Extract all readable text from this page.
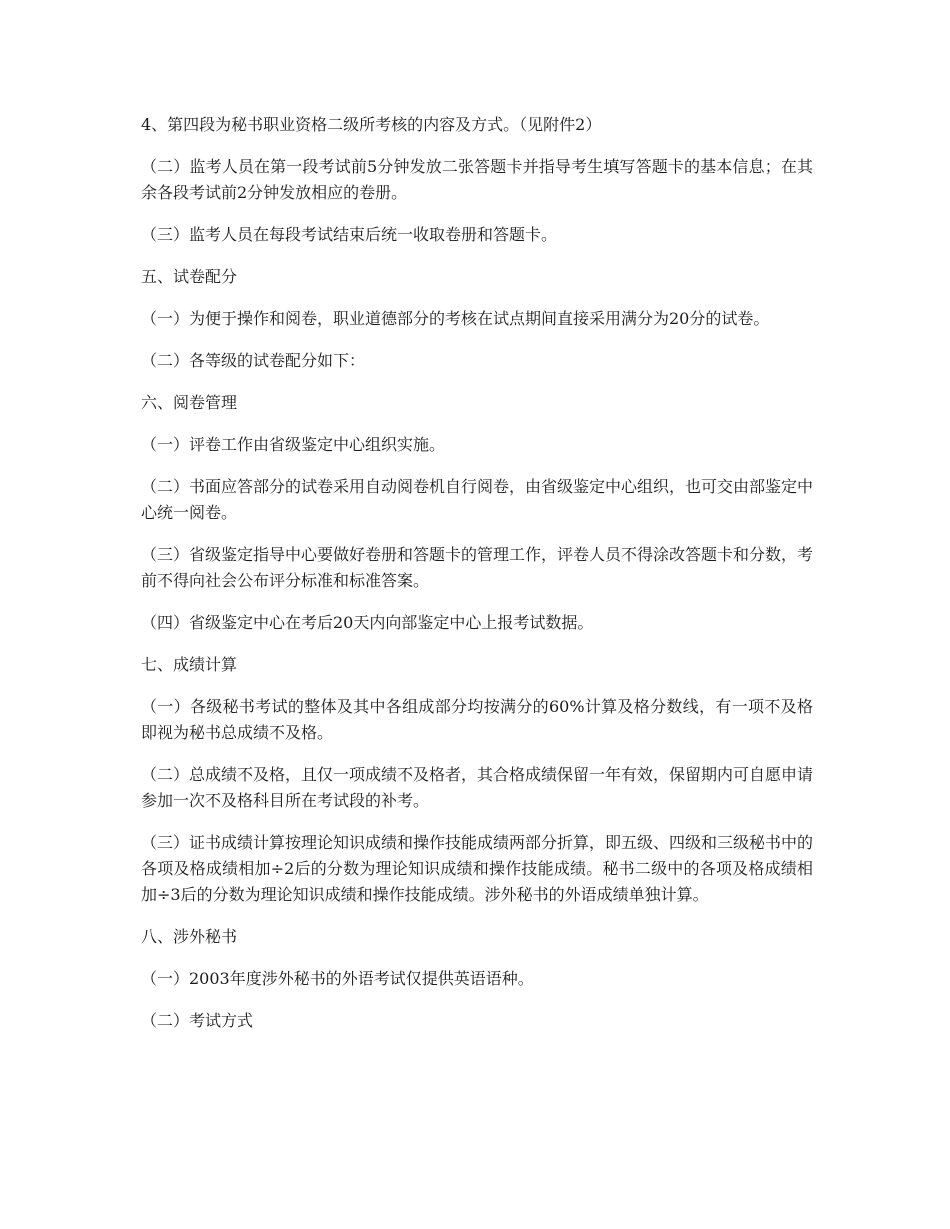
4、第四段为秘书职业资格二级所考核的内容及方式。（见附件2）

（二）监考人员在第一段考试前5分钟发放二张答题卡并指导考生填写答题卡的基本信息；在其余各段考试前2分钟发放相应的卷册。

（三）监考人员在每段考试结束后统一收取卷册和答题卡。

五、试卷配分

（一）为便于操作和阅卷，职业道德部分的考核在试点期间直接采用满分为20分的试卷。

（二）各等级的试卷配分如下：

六、阅卷管理

（一）评卷工作由省级鉴定中心组织实施。

（二）书面应答部分的试卷采用自动阅卷机自行阅卷，由省级鉴定中心组织，也可交由部鉴定中心统一阅卷。

（三）省级鉴定指导中心要做好卷册和答题卡的管理工作，评卷人员不得涂改答题卡和分数，考前不得向社会公布评分标准和标准答案。

（四）省级鉴定中心在考后20天内向部鉴定中心上报考试数据。

七、成绩计算

（一）各级秘书考试的整体及其中各组成部分均按满分的60%计算及格分数线，有一项不及格即视为秘书总成绩不及格。

（二）总成绩不及格，且仅一项成绩不及格者，其合格成绩保留一年有效，保留期内可自愿申请参加一次不及格科目所在考试段的补考。

（三）证书成绩计算按理论知识成绩和操作技能成绩两部分折算，即五级、四级和三级秘书中的各项及格成绩相加÷2后的分数为理论知识成绩和操作技能成绩。秘书二级中的各项及格成绩相加÷3后的分数为理论知识成绩和操作技能成绩。涉外秘书的外语成绩单独计算。

八、涉外秘书

（一）2003年度涉外秘书的外语考试仅提供英语语种。

（二）考试方式
